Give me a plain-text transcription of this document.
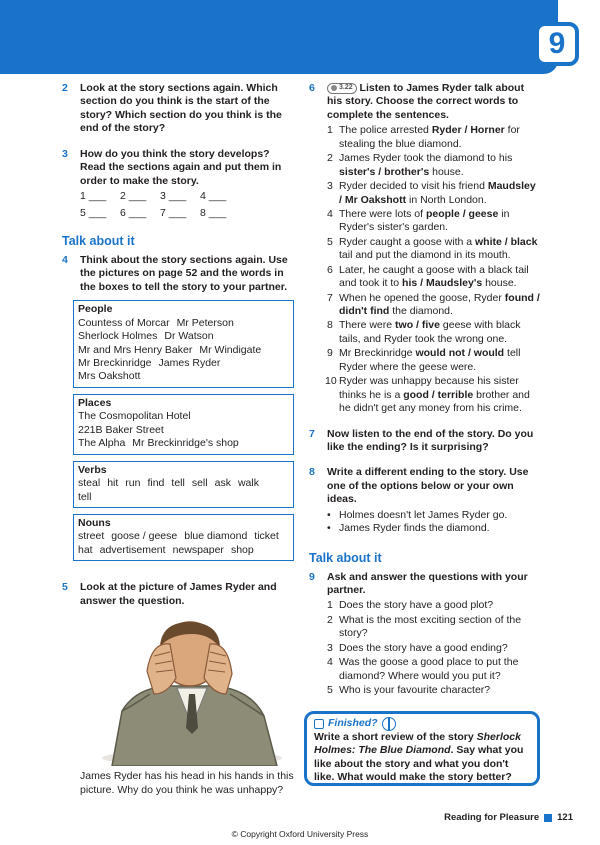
9
2	Look at the story sections again. Which section do you think is the start of the story? Which section do you think is the end of the story?
3	How do you think the story develops? Read the sections again and put them in order to make the story.
1 ___	2 ___	3 ___	4 ___
5 ___	6 ___	7 ___	8 ___
Talk about it
4	Think about the story sections again. Use the pictures on page 52 and the words in the boxes to tell the story to your partner.
People
Countess of Morcar Mr Peterson
Sherlock Holmes Dr Watson
Mr and Mrs Henry Baker Mr Windigate
Mr Breckinridge James RyderMrs Oakshott
Places
The Cosmopolitan Hotel221B Baker Street
The Alpha Mr Breckinridge's shop
Verbs
steal hit run find tell sell ask walk
tell
Nouns
street goose / geese blue diamond ticket
hat advertisement newspaper shop
5	Look at the picture of James Ryder and answer the question.
James Ryder has his head in his hands in this picture. Why do you think he was unhappy?
6	3.22 Listen to James Ryder talk about his story. Choose the correct words to complete the sentences.
1 The police arrested Ryder / Horner for stealing the blue diamond.
2 James Ryder took the diamond to his sister's / brother's house.
3 Ryder decided to visit his friend Maudsley / Mr Oakshott in North London.
4 There were lots of people / geese in Ryder's sister's garden.
5 Ryder caught a goose with a white / black tail and put the diamond in its mouth.
6 Later, he caught a goose with a black tail and took it to his / Maudsley's house.
7 When he opened the goose, Ryder found / didn't find the diamond.
8 There were two / five geese with black tails, and Ryder took the wrong one.
9 Mr Breckinridge would not / would tell Ryder where the geese were.
10 Ryder was unhappy because his sister thinks he is a good / terrible brother and he didn't get any money from his crime.
7	Now listen to the end of the story. Do you like the ending? Is it surprising?
8	Write a different ending to the story. Use one of the options below or your own ideas.
• Holmes doesn't let James Ryder go.
• James Ryder finds the diamond.
Talk about it
9	Ask and answer the questions with your partner.
1 Does the story have a good plot?
2 What is the most exciting section of the story?
3 Does the story have a good ending?
4 Was the goose a good place to put the diamond? Where would you put it?
5 Who is your favourite character?
Finished?
Write a short review of the story Sherlock Holmes: The Blue Diamond. Say what you like about the story and what you don't like. What would make the story better?
Reading for Pleasure 121
© Copyright Oxford University Press
